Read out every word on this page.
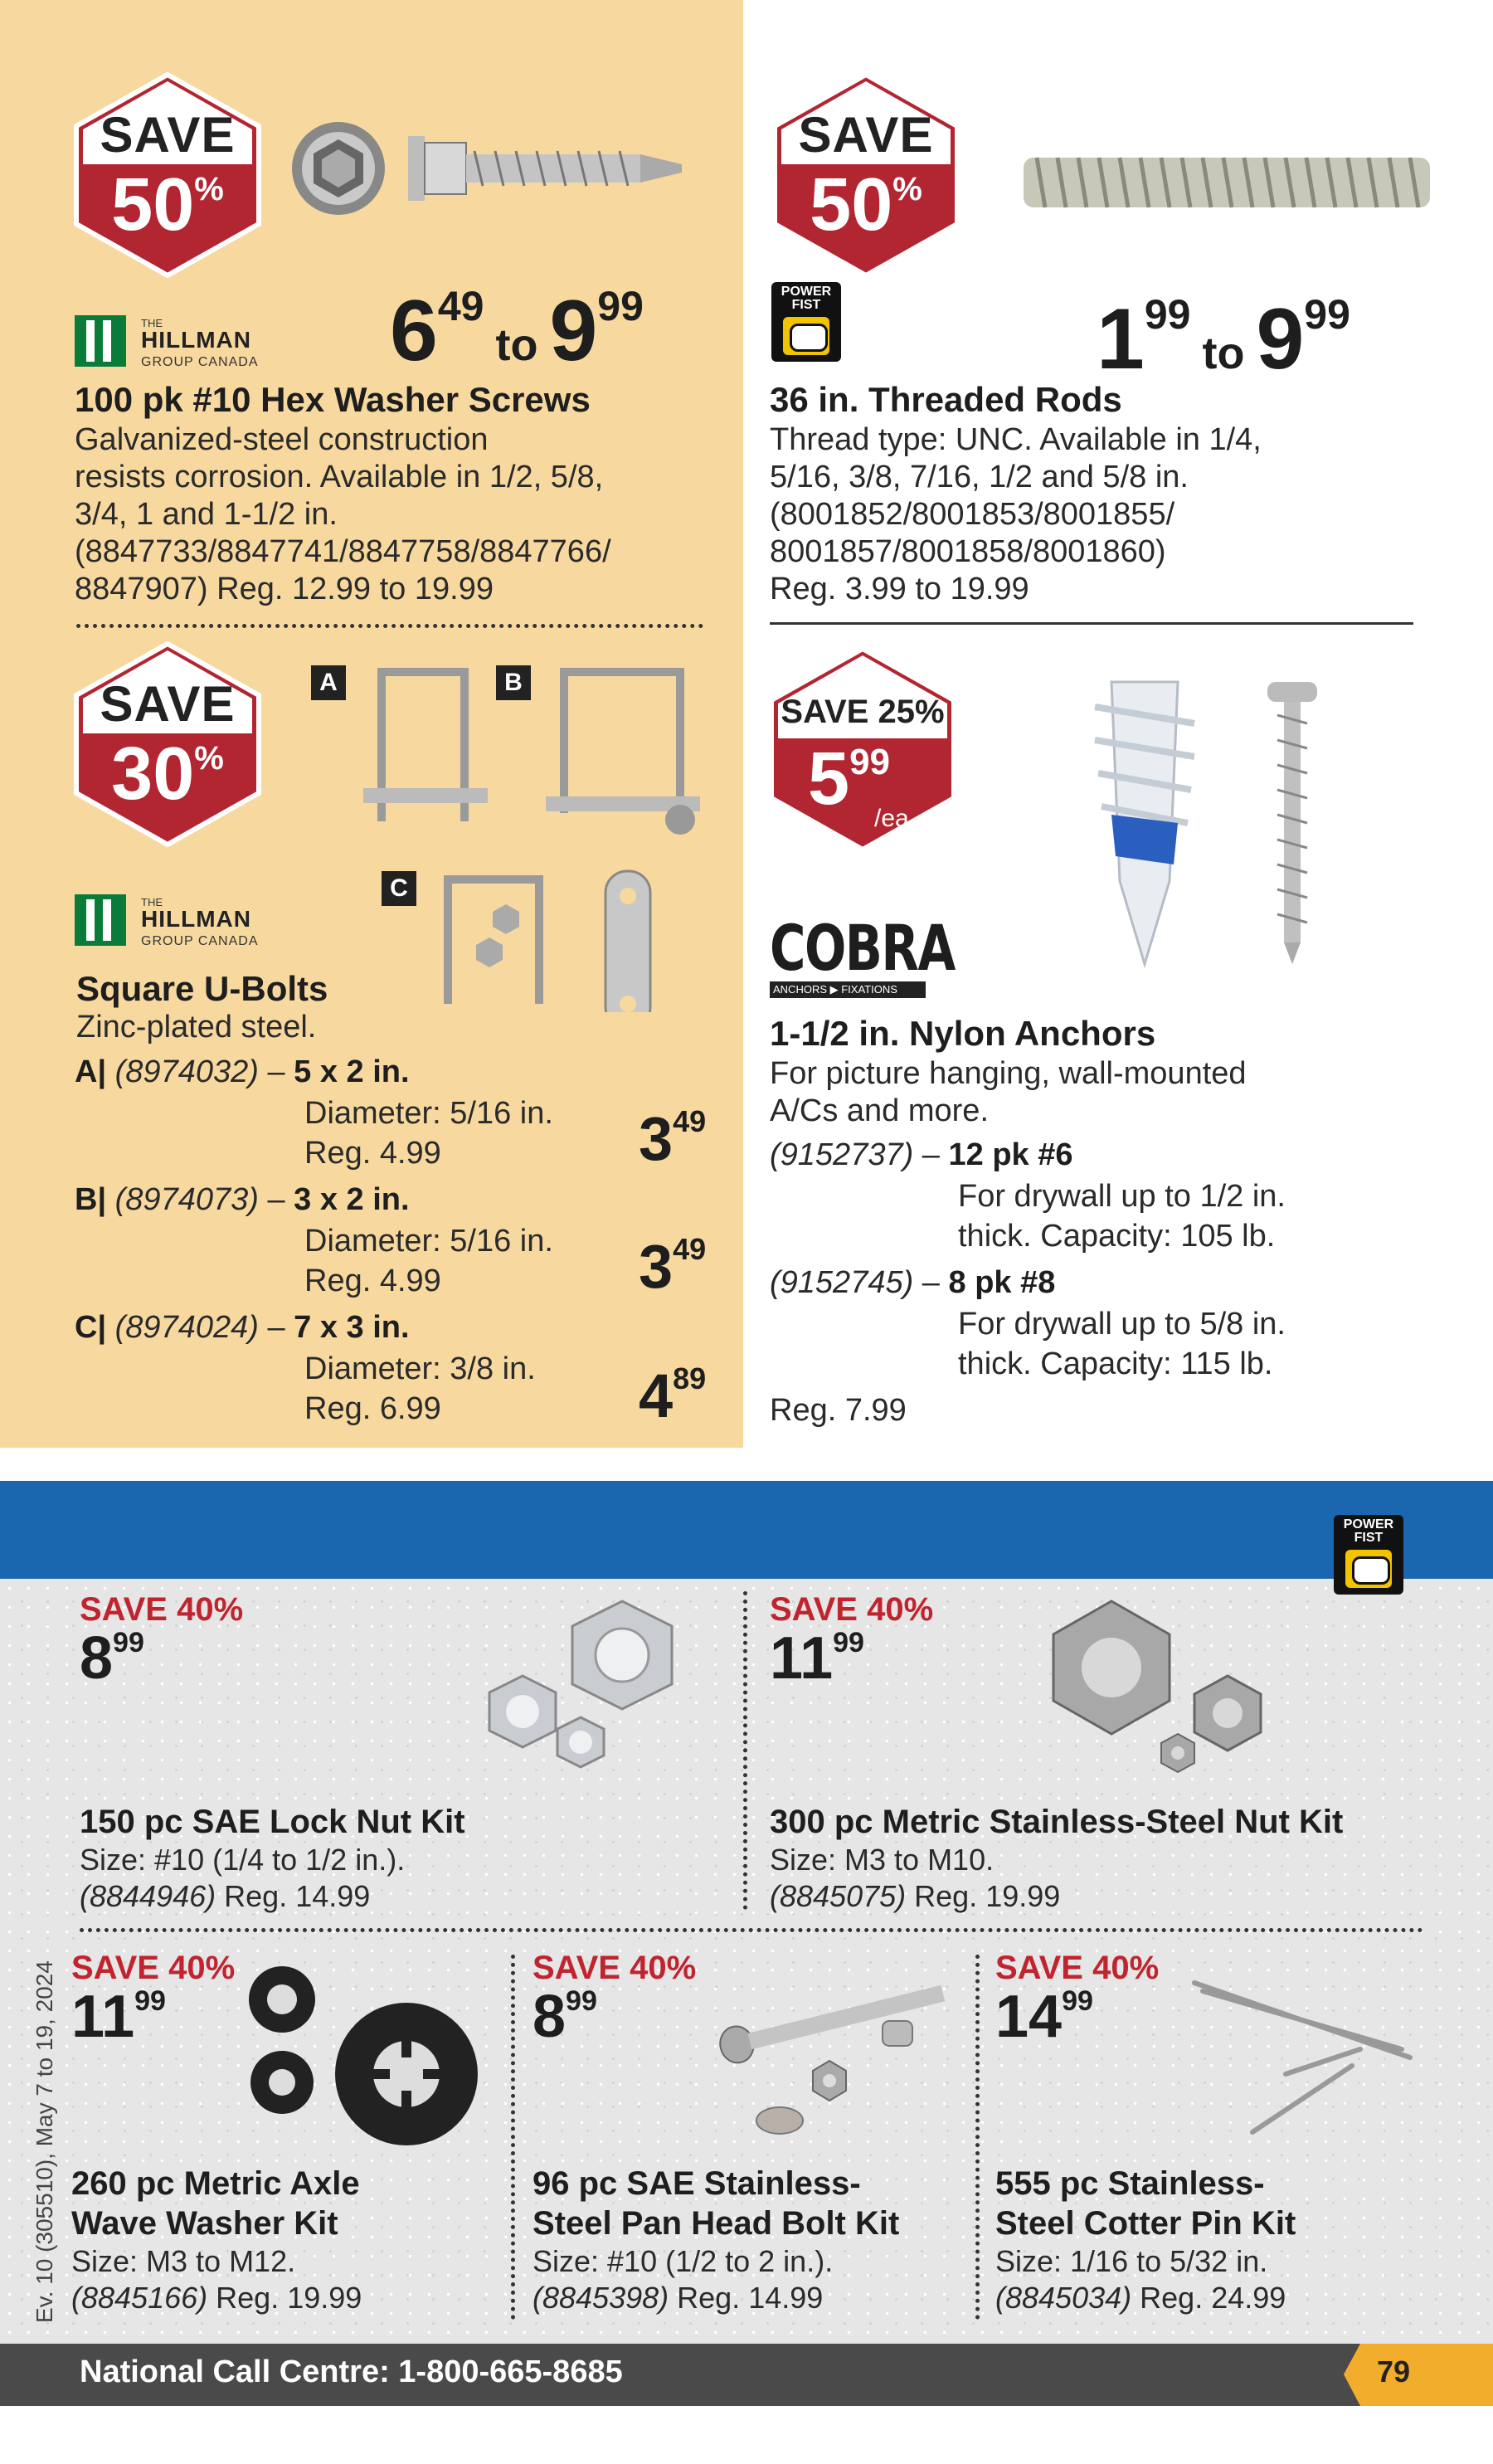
SAVE
50%
THE
HILLMAN
GROUP CANADA $6^{49}to$ $9^{99}$
100 pk #10 Hex Washer Screws
Galvanized-steel construction
resists corrosion. Available in 1/2, 5/8,
3/4, 1 and 1-1/2 in.
(8847733/8847741/8847758/8847766/
8847907) Reg. 12.99 to 19.99
SAVE
30%
A	B
C
THE
HILLMAN
GROUP CANADA
Square U-Bolts
Zinc-plated steel.
A| (8974032) – 5 x 2 in.
Diameter: 5/16 in.
Reg. 4.99	$3^{49}$
B| (8974073) – 3 x 2 in.
Diameter: 5/16 in.
Reg. 4.99	$3^{49}$
C| (8974024) – 7 x 3 in.
Diameter: 3/8 in.
Reg. 6.99	$4^{89}$
SAVE
50%
POWER FIST	$1^{99}to$ $9^{99}$
36 in. Threaded Rods
Thread type: UNC. Available in 1/4,
5/16, 3/8, 7/16, 1/2 and 5/8 in.
(8001852/8001853/8001855/
8001857/8001858/8001860)
Reg. 3.99 to 19.99
SAVE 25%
$5^{99}$
/ea
COBRA
ANCHORS ▶ FIXATIONS
1-1/2 in. Nylon Anchors
For picture hanging, wall-mounted
A/Cs and more.
(9152737) – 12 pk #6
For drywall up to 1/2 in.
thick. Capacity: 105 lb.
(9152745) – 8 pk #8
For drywall up to 5/8 in.
thick. Capacity: 115 lb.
Reg. 7.99
POWER FIST
SAVE 40%
$8^{99}$
150 pc SAE Lock Nut Kit
Size: #10 (1/4 to 1/2 in.).
(8844946) Reg. 14.99
SAVE 40%
$11^{99}$
300 pc Metric Stainless-Steel Nut Kit
Size: M3 to M10.
(8845075) Reg. 19.99
SAVE 40%
$11^{99}$
260 pc Metric Axle
Wave Washer Kit
Size: M3 to M12.
(8845166) Reg. 19.99
SAVE 40%
$8^{99}$
96 pc SAE Stainless-
Steel Pan Head Bolt Kit
Size: #10 (1/2 to 2 in.).
(8845398) Reg. 14.99
SAVE 40%
$14^{99}$
555 pc Stainless-
Steel Cotter Pin Kit
Size: 1/16 to 5/32 in.
(8845034) Reg. 24.99
Ev. 10 (305510), May 7 to 19, 2024
National Call Centre: 1-800-665-8685	79
